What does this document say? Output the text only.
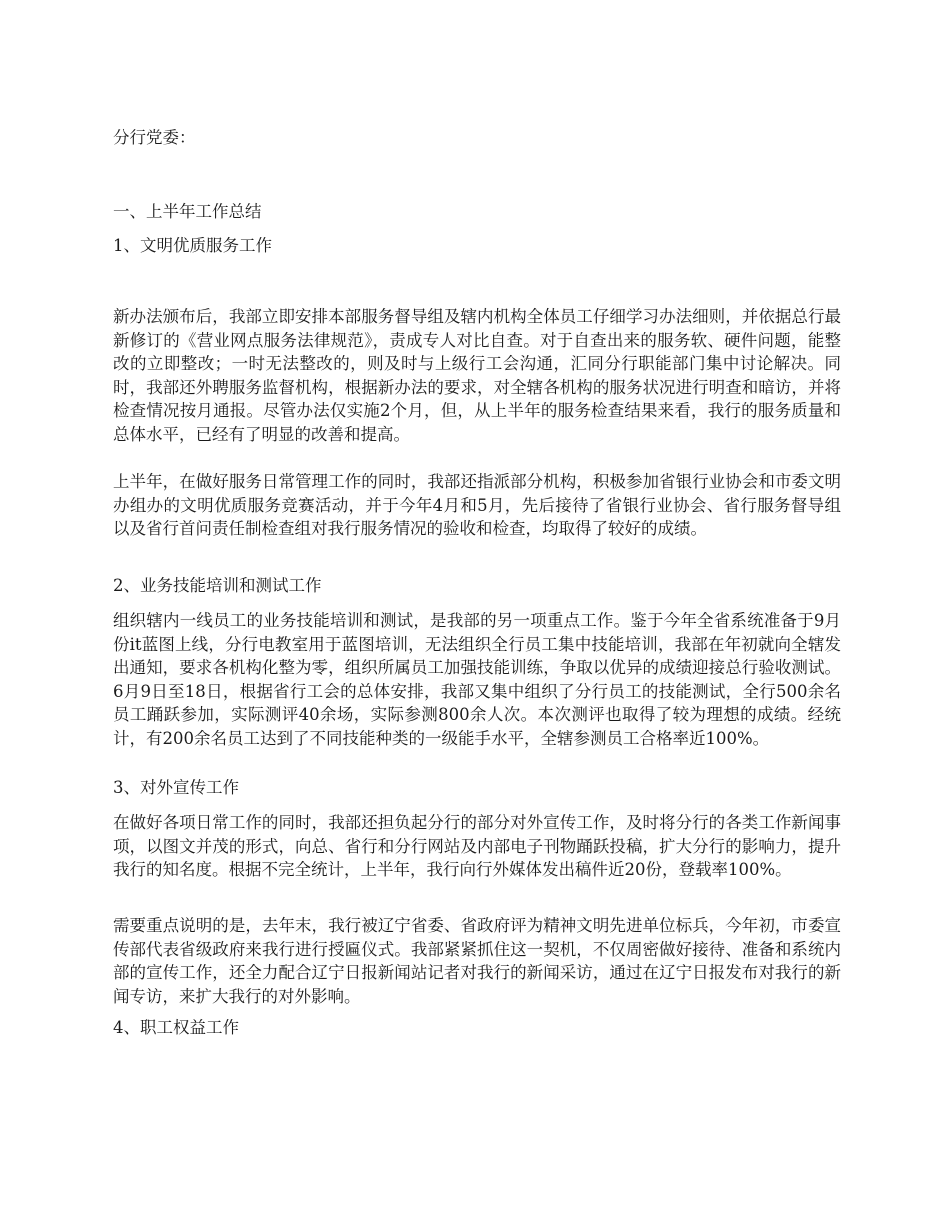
分行党委：
一、上半年工作总结
1、文明优质服务工作
新办法颁布后，我部立即安排本部服务督导组及辖内机构全体员工仔细学习办法细则，并依据总行最新修订的《营业网点服务法律规范》，责成专人对比自查。对于自查出来的服务软、硬件问题，能整改的立即整改；一时无法整改的，则及时与上级行工会沟通，汇同分行职能部门集中讨论解决。同时，我部还外聘服务监督机构，根据新办法的要求，对全辖各机构的服务状况进行明查和暗访，并将检查情况按月通报。尽管办法仅实施2个月，但，从上半年的服务检查结果来看，我行的服务质量和总体水平，已经有了明显的改善和提高。
上半年，在做好服务日常管理工作的同时，我部还指派部分机构，积极参加省银行业协会和市委文明办组办的文明优质服务竞赛活动，并于今年4月和5月，先后接待了省银行业协会、省行服务督导组以及省行首问责任制检查组对我行服务情况的验收和检查，均取得了较好的成绩。
2、业务技能培训和测试工作
组织辖内一线员工的业务技能培训和测试，是我部的另一项重点工作。鉴于今年全省系统准备于9月份it蓝图上线，分行电教室用于蓝图培训，无法组织全行员工集中技能培训，我部在年初就向全辖发出通知，要求各机构化整为零，组织所属员工加强技能训练，争取以优异的成绩迎接总行验收测试。6月9日至18日，根据省行工会的总体安排，我部又集中组织了分行员工的技能测试，全行500余名员工踊跃参加，实际测评40余场，实际参测800余人次。本次测评也取得了较为理想的成绩。经统计，有200余名员工达到了不同技能种类的一级能手水平，全辖参测员工合格率近100%。
3、对外宣传工作
在做好各项日常工作的同时，我部还担负起分行的部分对外宣传工作，及时将分行的各类工作新闻事项，以图文并茂的形式，向总、省行和分行网站及内部电子刊物踊跃投稿，扩大分行的影响力，提升我行的知名度。根据不完全统计，上半年，我行向行外媒体发出稿件近20份，登载率100%。
需要重点说明的是，去年末，我行被辽宁省委、省政府评为精神文明先进单位标兵，今年初，市委宣传部代表省级政府来我行进行授匾仪式。我部紧紧抓住这一契机，不仅周密做好接待、准备和系统内部的宣传工作，还全力配合辽宁日报新闻站记者对我行的新闻采访，通过在辽宁日报发布对我行的新闻专访，来扩大我行的对外影响。
4、职工权益工作
